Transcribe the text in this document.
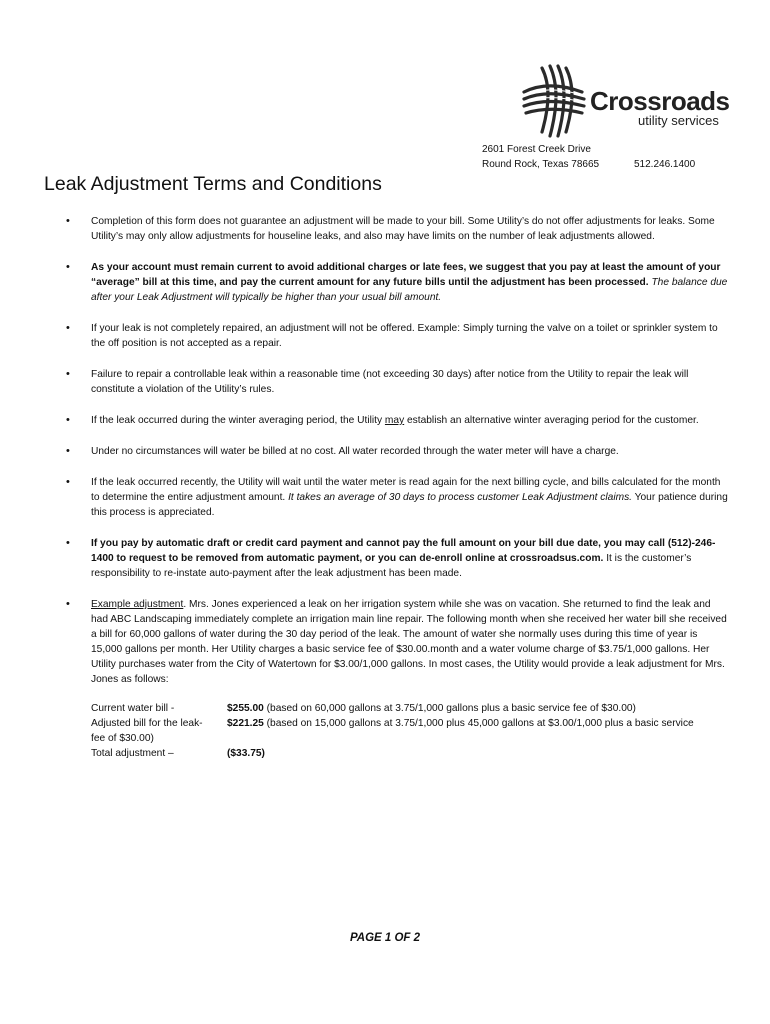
Crossroads
utility services
2601 Forest Creek Drive
Round Rock, Texas 78665	512.246.1400
Leak Adjustment Terms and Conditions
• Completion of this form does not guarantee an adjustment will be made to your bill. Some Utility’s do not offer adjustments for leaks. Some Utility’s may only allow adjustments for houseline leaks, and also may have limits on the number of leak adjustments allowed.
• As your account must remain current to avoid additional charges or late fees, we suggest that you pay at least the amount of your “average” bill at this time, and pay the current amount for any future bills until the adjustment has been processed. The balance due after your Leak Adjustment will typically be higher than your usual bill amount.
• If your leak is not completely repaired, an adjustment will not be offered. Example: Simply turning the valve on a toilet or sprinkler system to the off position is not accepted as a repair.
• Failure to repair a controllable leak within a reasonable time (not exceeding 30 days) after notice from the Utility to repair the leak will constitute a violation of the Utility’s rules.
• If the leak occurred during the winter averaging period, the Utility may establish an alternative winter averaging period for the customer.
• Under no circumstances will water be billed at no cost. All water recorded through the water meter will have a charge.
• If the leak occurred recently, the Utility will wait until the water meter is read again for the next billing cycle, and bills calculated for the month to determine the entire adjustment amount. It takes an average of 30 days to process customer Leak Adjustment claims. Your patience during this process is appreciated.
• If you pay by automatic draft or credit card payment and cannot pay the full amount on your bill due date, you may call (512)-246-1400 to request to be removed from automatic payment, or you can de-enroll online at crossroadsus.com. It is the customer’s responsibility to re-instate auto-payment after the leak adjustment has been made.
• Example adjustment. Mrs. Jones experienced a leak on her irrigation system while she was on vacation. She returned to find the leak and had ABC Landscaping immediately complete an irrigation main line repair. The following month when she received her water bill she received a bill for 60,000 gallons of water during the 30 day period of the leak. The amount of water she normally uses during this time of year is 15,000 gallons per month. Her Utility charges a basic service fee of $30.00.month and a water volume charge of $3.75/1,000 gallons. Her Utility purchases water from the City of Watertown for $3.00/1,000 gallons. In most cases, the Utility would provide a leak adjustment for Mrs. Jones as follows:
Current water bill -	$255.00 (based on 60,000 gallons at 3.75/1,000 gallons plus a basic service fee of $30.00)
Adjusted bill for the leak-	$221.25 (based on 15,000 gallons at 3.75/1,000 plus 45,000 gallons at $3.00/1,000 plus a basic service
fee of $30.00)
Total adjustment –	($33.75)
PAGE 1 OF 2
